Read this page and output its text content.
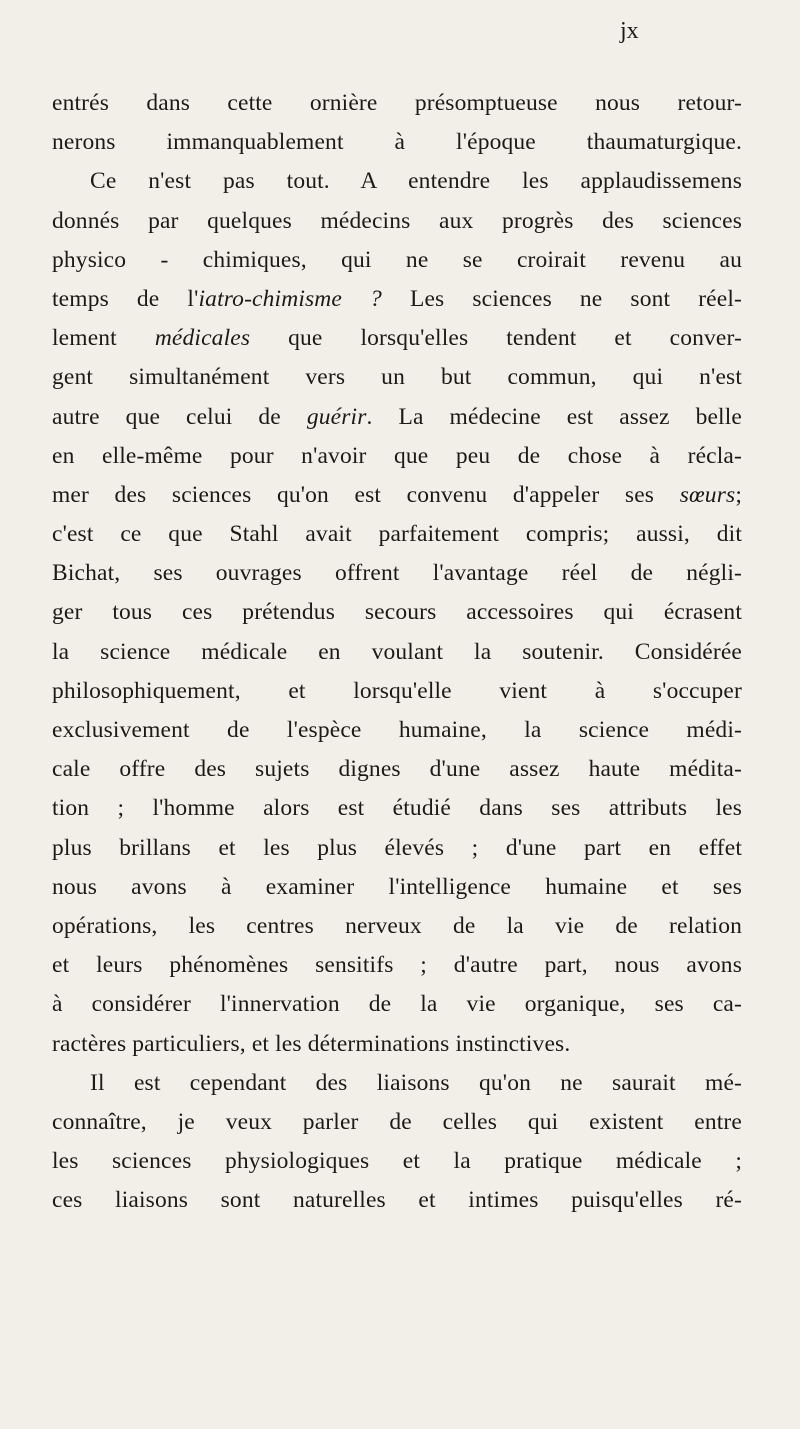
jx
entrés dans cette ornière présomptueuse nous retour-
nerons immanquablement à l'époque thaumaturgique.
Ce n'est pas tout. A entendre les applaudissemens
donnés par quelques médecins aux progrès des sciences
physico - chimiques, qui ne se croirait revenu au
temps de l'iatro-chimisme ? Les sciences ne sont réel-
lement médicales que lorsqu'elles tendent et conver-
gent simultanément vers un but commun, qui n'est
autre que celui de guérir. La médecine est assez belle
en elle-même pour n'avoir que peu de chose à récla-
mer des sciences qu'on est convenu d'appeler ses sœurs;
c'est ce que Stahl avait parfaitement compris; aussi, dit
Bichat, ses ouvrages offrent l'avantage réel de négli-
ger tous ces prétendus secours accessoires qui écrasent
la science médicale en voulant la soutenir. Considérée
philosophiquement, et lorsqu'elle vient à s'occuper
exclusivement de l'espèce humaine, la science médi-
cale offre des sujets dignes d'une assez haute médita-
tion ; l'homme alors est étudié dans ses attributs les
plus brillans et les plus élevés ; d'une part en effet
nous avons à examiner l'intelligence humaine et ses
opérations, les centres nerveux de la vie de relation
et leurs phénomènes sensitifs ; d'autre part, nous avons
à considérer l'innervation de la vie organique, ses ca-
ractères particuliers, et les déterminations instinctives.
Il est cependant des liaisons qu'on ne saurait mé-
connaître, je veux parler de celles qui existent entre
les sciences physiologiques et la pratique médicale ;
ces liaisons sont naturelles et intimes puisqu'elles ré-
